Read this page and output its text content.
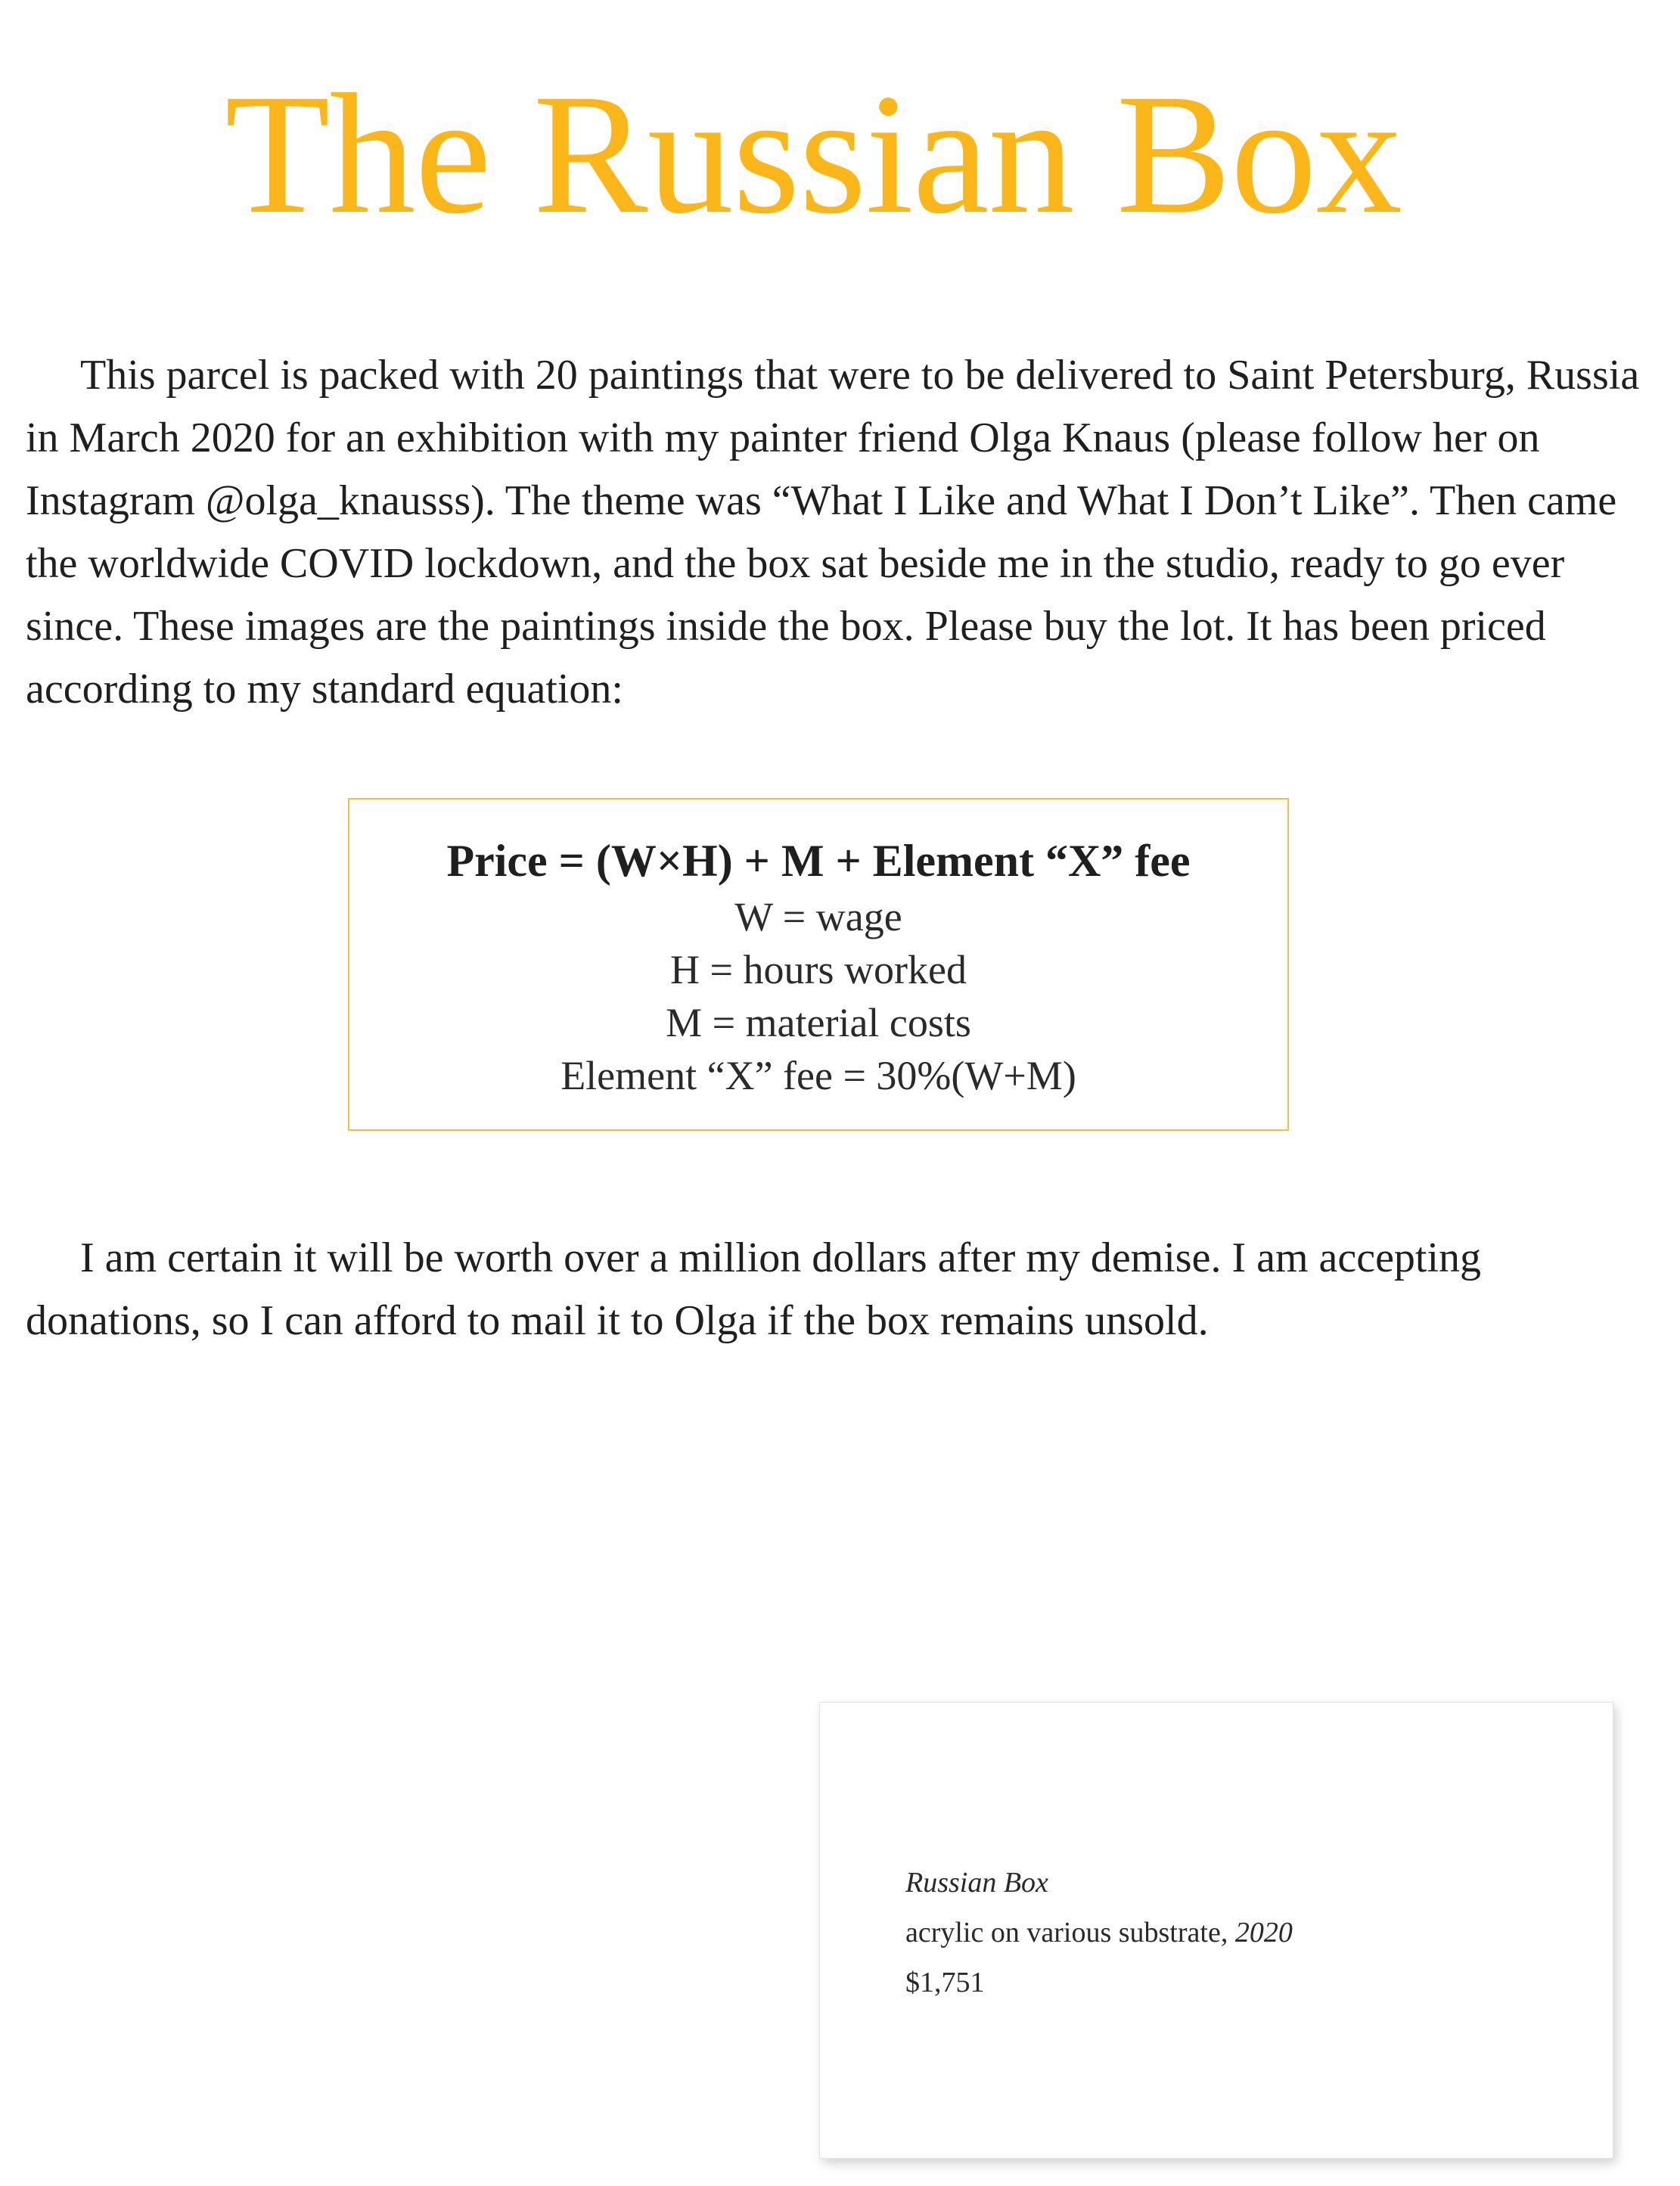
The Russian Box

This parcel is packed with 20 paintings that were to be delivered to Saint Petersburg, Russia in March 2020 for an exhibition with my painter friend Olga Knaus (please follow her on Instagram @olga_knausss). The theme was “What I Like and What I Don’t Like”. Then came the worldwide COVID lockdown, and the box sat beside me in the studio, ready to go ever since. These images are the paintings inside the box. Please buy the lot. It has been priced according to my standard equation:

Price = (W×H) + M + Element “X” fee
W = wage
H = hours worked
M = material costs
Element “X” fee = 30%(W+M)

I am certain it will be worth over a million dollars after my demise. I am accepting donations, so I can afford to mail it to Olga if the box remains unsold.

Russian Box
acrylic on various substrate, 2020
$1,751
